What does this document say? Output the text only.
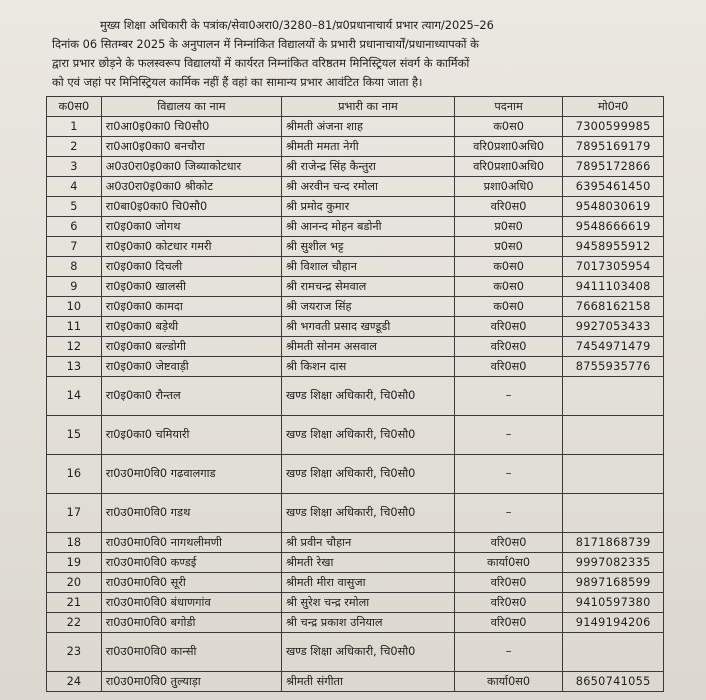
मुख्य शिक्षा अधिकारी के पत्रांक/सेवा0अरा0/3280–81/प्र0प्रधानाचार्य प्रभार त्याग/2025–26

दिनांक 06 सितम्बर 2025 के अनुपालन में निम्नांकित विद्यालयों के प्रभारी प्रधानाचार्यों/प्रधानाध्यापकों के

द्वारा प्रभार छोड़ने के फलस्वरूप विद्यालयों में कार्यरत निम्नांकित वरिष्ठतम मिनिस्ट्रियल संवर्ग के कार्मिकों

को एवं जहां पर मिनिस्ट्रियल कार्मिक नहीं हैं वहां का सामान्य प्रभार आवंटित किया जाता है।

क0स0	विद्यालय का नाम	प्रभारी का नाम	पदनाम	मो0न0
1	रा0आ0इ0का0 चि0सौ0	श्रीमती अंजना शाह	क0स0	7300599985
2	रा0आ0इ0का0 बनचौरा	श्रीमती ममता नेगी	वरि0प्रशा0अधि0	7895169179
3	अ0उ0रा0इ0का0 जिब्याकोटधार	श्री राजेन्द्र सिंह कैन्तुरा	वरि0प्रशा0अधि0	7895172866
4	अ0उ0रा0इ0का0 श्रीकोट	श्री अरवीन चन्द रमोला	प्रशा0अधि0	6395461450
5	रा0बा0इ0का0 चि0सौ0	श्री प्रमोद कुमार	वरि0स0	9548030619
6	रा0इ0का0 जोगथ	श्री आनन्द मोहन बडोनी	प्र0स0	9548666619
7	रा0इ0का0 कोटधार गमरी	श्री सुशील भट्ट	प्र0स0	9458955912
8	रा0इ0का0 दिचली	श्री विशाल चौहान	क0स0	7017305954
9	रा0इ0का0 खालसी	श्री रामचन्द्र सेमवाल	क0स0	9411103408
10	रा0इ0का0 कामदा	श्री जयराज सिंह	क0स0	7668162158
11	रा0इ0का0 बड़ेथी	श्री भगवती प्रसाद खण्डूडी	वरि0स0	9927053433
12	रा0इ0का0 बल्डोगी	श्रीमती सोनम असवाल	वरि0स0	7454971479
13	रा0इ0का0 जेष्टवाड़ी	श्री किशन दास	वरि0स0	8755935776
14	रा0इ0का0 रौन्तल	खण्ड शिक्षा अधिकारी, चि0सौ0	–	
15	रा0इ0का0 चमियारी	खण्ड शिक्षा अधिकारी, चि0सौ0	–	
16	रा0उ0मा0वि0 गढवालगाड	खण्ड शिक्षा अधिकारी, चि0सौ0	–	
17	रा0उ0मा0वि0 गडथ	खण्ड शिक्षा अधिकारी, चि0सौ0	–	
18	रा0उ0मा0वि0 नागथलीमणी	श्री प्रवीन चौहान	वरि0स0	8171868739
19	रा0उ0मा0वि0 कण्डई	श्रीमती रेखा	कार्या0स0	9997082335
20	रा0उ0मा0वि0 सूरी	श्रीमती मीरा वासुजा	वरि0स0	9897168599
21	रा0उ0मा0वि0 बंधाणगांव	श्री सुरेश चन्द्र रमोला	वरि0स0	9410597380
22	रा0उ0मा0वि0 बगोडी	श्री चन्द्र प्रकाश उनियाल	वरि0स0	9149194206
23	रा0उ0मा0वि0 कान्सी	खण्ड शिक्षा अधिकारी, चि0सौ0	–	
24	रा0उ0मा0वि0 तुल्याड़ा	श्रीमती संगीता	कार्या0स0	8650741055
